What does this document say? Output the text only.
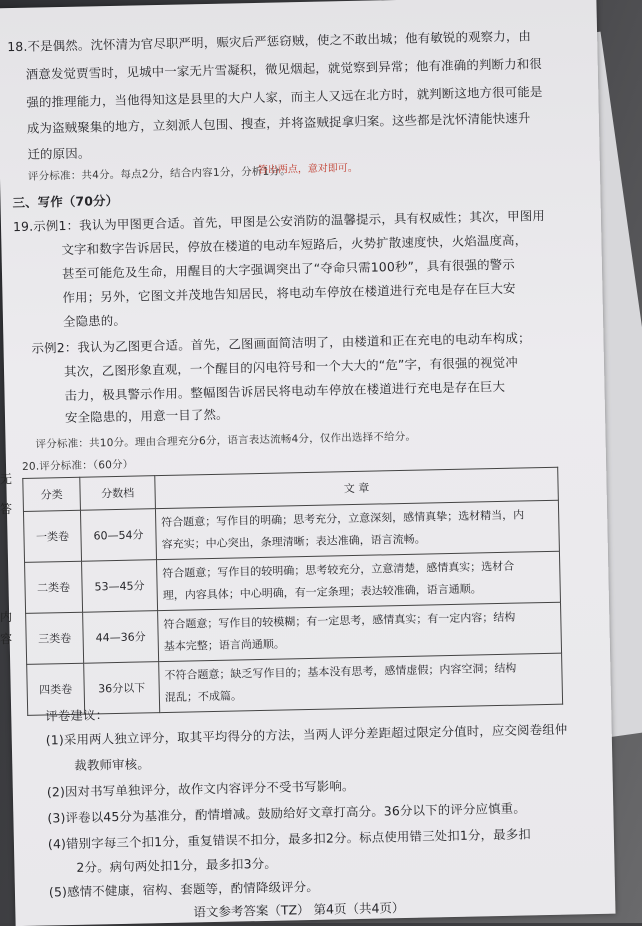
18.不是偶然。沈怀清为官尽职严明，赈灾后严惩窃贼，使之不敢出城；他有敏锐的观察力，由
酒意发觉贾雪时，见城中一家无片雪凝积，微见烟起，就觉察到异常；他有准确的判断力和很
强的推理能力，当他得知这是县里的大户人家，而主人又远在北方时，就判断这地方很可能是
成为盗贼聚集的地方，立刻派人包围、搜查，并将盗贼捉拿归案。这些都是沈怀清能快速升
迁的原因。
评分标准：共4分。每点2分，结合内容1分，分析1分。
答出两点，意对即可。
三、写作（70分）
19.示例1：我认为甲图更合适。首先，甲图是公安消防的温馨提示，具有权威性；其次，甲图用
文字和数字告诉居民，停放在楼道的电动车短路后，火势扩散速度快，火焰温度高，
甚至可能危及生命，用醒目的大字强调突出了“夺命只需100秒”，具有很强的警示
作用；另外，它图文并茂地告知居民，将电动车停放在楼道进行充电是存在巨大安
全隐患的。
示例2：我认为乙图更合适。首先，乙图画面简洁明了，由楼道和正在充电的电动车构成；
其次，乙图形象直观，一个醒目的闪电符号和一个大大的“危”字，有很强的视觉冲
击力，极具警示作用。整幅图告诉居民将电动车停放在楼道进行充电是存在巨大
安全隐患的，用意一目了然。
评分标准：共10分。理由合理充分6分，语言表达流畅4分，仅作出选择不给分。
20.评分标准：（60分）
分类	分数档	文 章
一类卷	60—54分	符合题意；写作目的明确；思考充分，立意深刻，感情真挚；选材精当，内
容充实；中心突出，条理清晰；表达准确，语言流畅。
二类卷	53—45分	符合题意；写作目的较明确；思考较充分，立意清楚，感情真实；选材合
理，内容具体；中心明确，有一定条理；表达较准确，语言通顺。
三类卷	44—36分	符合题意；写作目的较模糊；有一定思考，感情真实；有一定内容；结构
基本完整；语言尚通顺。
四类卷	36分以下	不符合题意；缺乏写作目的；基本没有思考，感情虚假；内容空洞；结构
混乱；不成篇。
评卷建议：
(1)采用两人独立评分，取其平均得分的方法，当两人评分差距超过限定分值时，应交阅卷组仲
裁教师审核。
(2)因对书写单独评分，故作文内容评分不受书写影响。
(3)评卷以45分为基准分，酌情增减。鼓励给好文章打高分。36分以下的评分应慎重。
(4)错别字每三个扣1分，重复错误不扣分，最多扣2分。标点使用错三处扣1分，最多扣
2分。病句两处扣1分，最多扣3分。
(5)感情不健康，宿构、套题等，酌情降级评分。
语文参考答案（TZ） 第4页（共4页）
无
答
内
容
